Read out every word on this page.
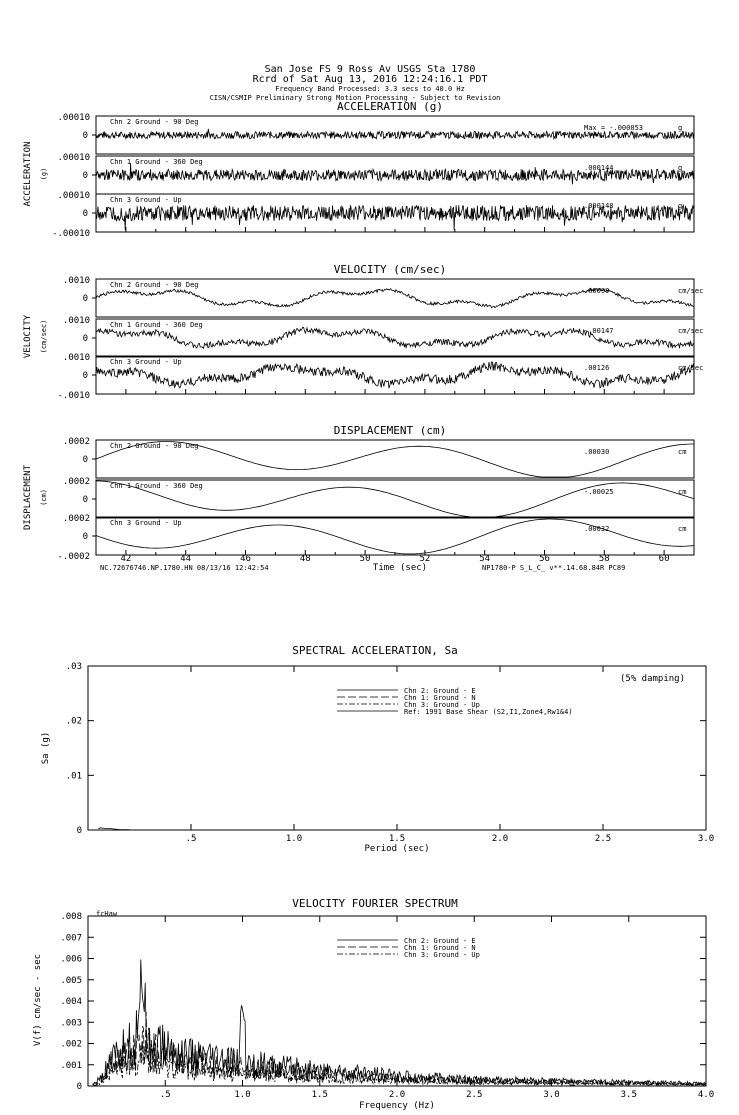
San Jose FS 9 Ross Av USGS Sta 1780
Rcrd of Sat Aug 13, 2016 12:24:16.1 PDT
Frequency Band Processed: 3.3 secs to 40.0 Hz
CISN/CSMIP Preliminary Strong Motion Processing - Subject to Revision
ACCELERATION (g)
ACCELERATION (g)
.00010
0
Chn 2 Ground - 90 Deg
Max = -.000053	g
.00010
0
Chn 1 Ground - 360 Deg
.000144	g
.00010
0
-.00010
Chn 3 Ground - Up
.000148	g
VELOCITY (cm/sec)
VELOCITY (cm/sec)
.0010
0
Chn 2 Ground - 90 Deg
.00099	cm/sec
.0010
0
Chn 1 Ground - 360 Deg
-.00147	cm/sec
.0010
0
-.0010
Chn 3 Ground - Up
.00126	cm/sec
DISPLACEMENT (cm)
DISPLACEMENT (cm)
.0002
0
Chn 2 Ground - 90 Deg
.00030	cm
.0002
0
Chn 1 Ground - 360 Deg
-.00025	cm
.0002
0
-.0002
Chn 3 Ground - Up
.00032	cm
NC.72676746.NP.1780.HN 08/13/16 12:42:54	Time (sec)	NP1780-P S_L_C_ v**.14.68.84R PC89
42	44	46	48	50	52	54	56	58	60
SPECTRAL ACCELERATION, Sa
(5% damping)
Sa (g)
Period (sec)
.5	1.0	1.5	2.0	2.5	3.0
.03
.02
.01
0
Chn 2: Ground - E
Chn 1: Ground - N
Chn 3: Ground - Up
Ref: 1991 Base Shear (S2,I1,Zone4,Rw1&4)
VELOCITY FOURIER SPECTRUM
fcHaw
V(f) cm/sec - sec
Frequency (Hz)
.5	1.0	1.5	2.0	2.5	3.0	3.5	4.0
.008
.007
.006
.005
.004
.003
.002
.001
0
Chn 2: Ground - E
Chn 1: Ground - N
Chn 3: Ground - Up
